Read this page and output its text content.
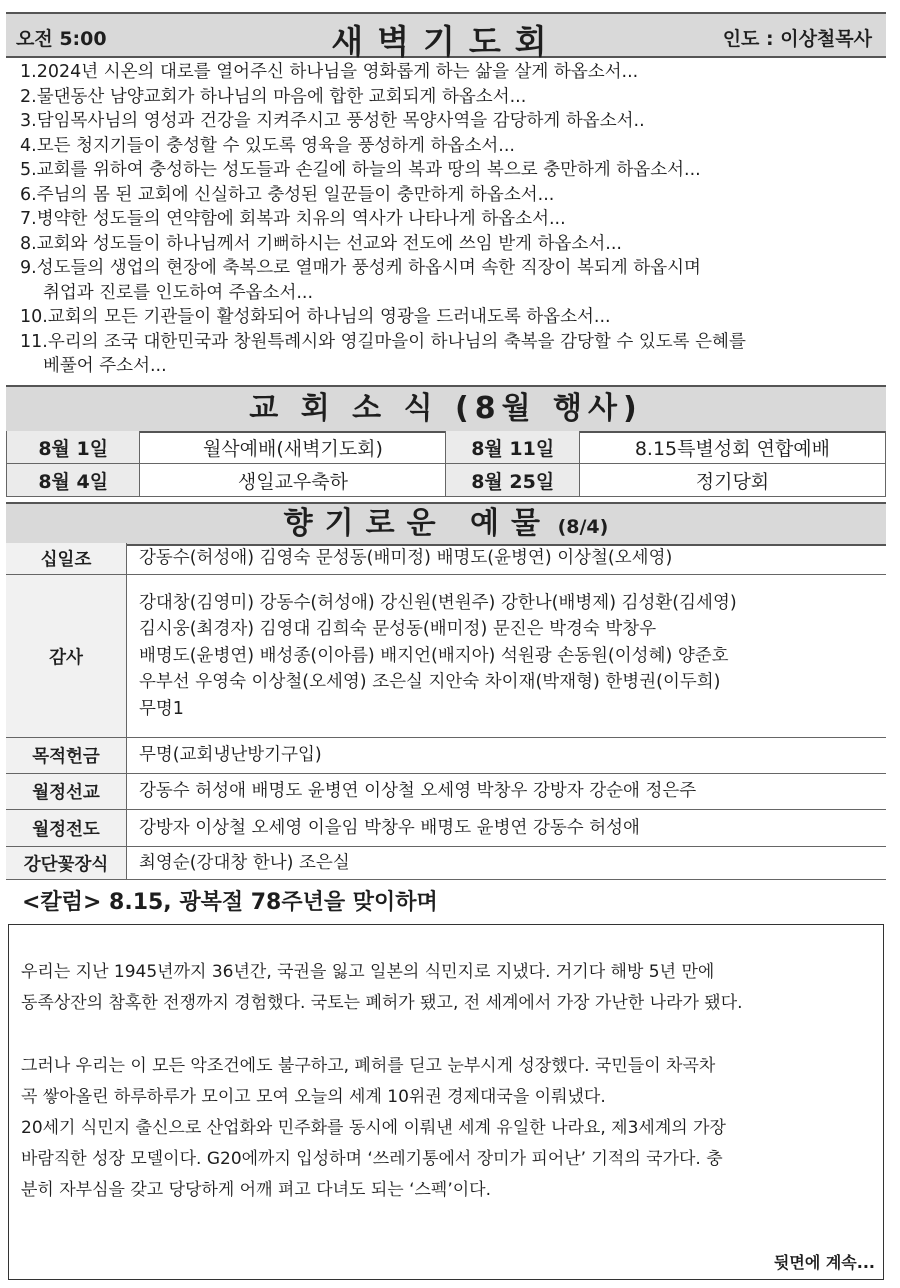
오전 5:00	새벽기도회	인도 : 이상철목사
1.2024년 시온의 대로를 열어주신 하나님을 영화롭게 하는 삶을 살게 하옵소서...
2.물댄동산 남양교회가 하나님의 마음에 합한 교회되게 하옵소서...
3.담임목사님의 영성과 건강을 지켜주시고 풍성한 목양사역을 감당하게 하옵소서..
4.모든 청지기들이 충성할 수 있도록 영육을 풍성하게 하옵소서...
5.교회를 위하여 충성하는 성도들과 손길에 하늘의 복과 땅의 복으로 충만하게 하옵소서...
6.주님의 몸 된 교회에 신실하고 충성된 일꾼들이 충만하게 하옵소서...
7.병약한 성도들의 연약함에 회복과 치유의 역사가 나타나게 하옵소서...
8.교회와 성도들이 하나님께서 기뻐하시는 선교와 전도에 쓰임 받게 하옵소서...
9.성도들의 생업의 현장에 축복으로 열매가 풍성케 하옵시며 속한 직장이 복되게 하옵시며
취업과 진로를 인도하여 주옵소서...
10.교회의 모든 기관들이 활성화되어 하나님의 영광을 드러내도록 하옵소서...
11.우리의 조국 대한민국과 창원특례시와 영길마을이 하나님의 축복을 감당할 수 있도록 은혜를
베풀어 주소서...
교 회 소 식 (8월 행사)
8월 1일	월삭예배(새벽기도회)	8월 11일	8.15특별성회 연합예배
8월 4일	생일교우축하	8월 25일	정기당회
향기로운 예물 (8/4)
십일조	강동수(허성애) 김영숙 문성동(배미정) 배명도(윤병연) 이상철(오세영)

감사	강대창(김영미) 강동수(허성애) 강신원(변원주) 강한나(배병제) 김성환(김세영)
김시웅(최경자) 김영대 김희숙 문성동(배미정) 문진은 박경숙 박창우
배명도(윤병연) 배성종(이아름) 배지언(배지아) 석원광 손동원(이성혜) 양준호
우부선 우영숙 이상철(오세영) 조은실 지안숙 차이재(박재형) 한병권(이두희)
무명1

목적헌금	무명(교회냉난방기구입)

월정선교	강동수 허성애 배명도 윤병연 이상철 오세영 박창우 강방자 강순애 정은주

월정전도	강방자 이상철 오세영 이을임 박창우 배명도 윤병연 강동수 허성애

강단꽃장식	최영순(강대창 한나) 조은실
<칼럼> 8.15, 광복절 78주년을 맞이하며

우리는 지난 1945년까지 36년간, 국권을 잃고 일본의 식민지로 지냈다. 거기다 해방 5년 만에
동족상잔의 참혹한 전쟁까지 경험했다. 국토는 폐허가 됐고, 전 세계에서 가장 가난한 나라가 됐다.

그러나 우리는 이 모든 악조건에도 불구하고, 폐허를 딛고 눈부시게 성장했다. 국민들이 차곡차
곡 쌓아올린 하루하루가 모이고 모여 오늘의 세계 10위권 경제대국을 이뤄냈다.

20세기 식민지 출신으로 산업화와 민주화를 동시에 이뤄낸 세계 유일한 나라요, 제3세계의 가장
바람직한 성장 모델이다. G20에까지 입성하며 ‘쓰레기통에서 장미가 피어난’ 기적의 국가다. 충
분히 자부심을 갖고 당당하게 어깨 펴고 다녀도 되는 ‘스펙’이다.

뒷면에 계속...
